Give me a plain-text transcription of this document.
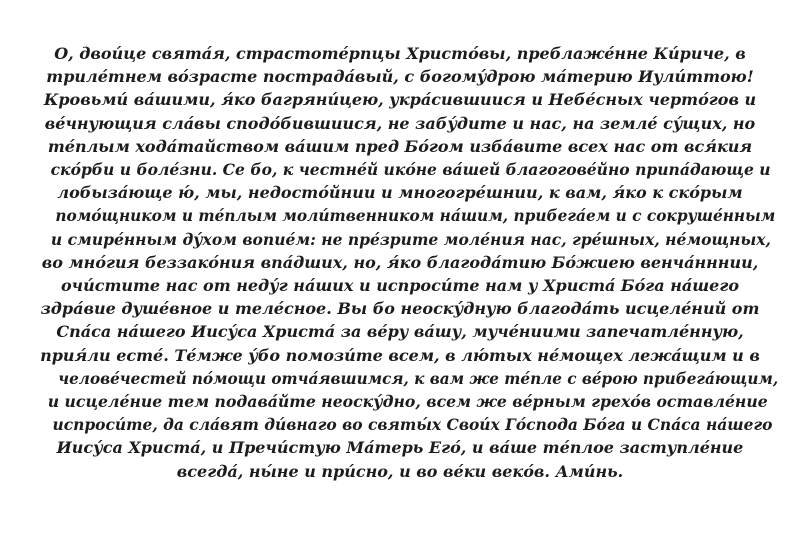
О, двои́це свята́я, страстоте́рпцы Христо́вы, преблаже́нне Ки́риче, в
триле́тнем во́зрасте пострада́вый, с богому́дрою ма́терию Иули́ттою!
Кровьми́ ва́шими, я́ко багряни́цею, укра́сившиися и Небе́сных черто́гов и
ве́чнующия сла́вы сподо́бившиися, не забу́дите и нас, на земле́ су́щих, но
те́плым хода́тайством ва́шим пред Бо́гом изба́вите всех нас от вся́кия
ско́рби и боле́зни. Се бо, к честне́й ико́не ва́шей благогове́йно припа́дающе и
лобыза́юще ю́, мы, недосто́йнии и многогре́шнии, к вам, я́ко к ско́рым
помо́щником и те́плым моли́твенником на́шим, прибега́ем и с сокруше́нным
и смире́нным ду́хом вопие́м: не пре́зрите моле́ния нас, гре́шных, не́мощных,
во мно́гия беззако́ния впа́дших, но, я́ко благода́тию Бо́жиею венча́нннии,
очи́стите нас от неду́г на́ших и испроси́те нам у Христа́ Бо́га на́шего
здра́вие душе́вное и теле́сное. Вы бо неоску́дную благода́ть исцеле́ний от
Спа́са на́шего Иису́са Христа́ за ве́ру ва́шу, муче́ниими запечатле́нную,
прия́ли есте́. Те́мже у́бо помози́те всем, в лю́тых не́мощех лежа́щим и в
челове́честей по́мощи отча́явшимся, к вам же те́пле с ве́рою прибега́ющим,
и исцеле́ние тем подава́йте неоску́дно, всем же ве́рным грехо́в оставле́ние
испроси́те, да сла́вят ди́внаго во святы́х Свои́х Го́спода Бо́га и Спа́са на́шего
Иису́са Христа́, и Пречи́стую Ма́терь Его́, и ва́ше те́плое заступле́ние
всегда́, ны́не и при́сно, и во ве́ки веко́в. Ами́нь.
